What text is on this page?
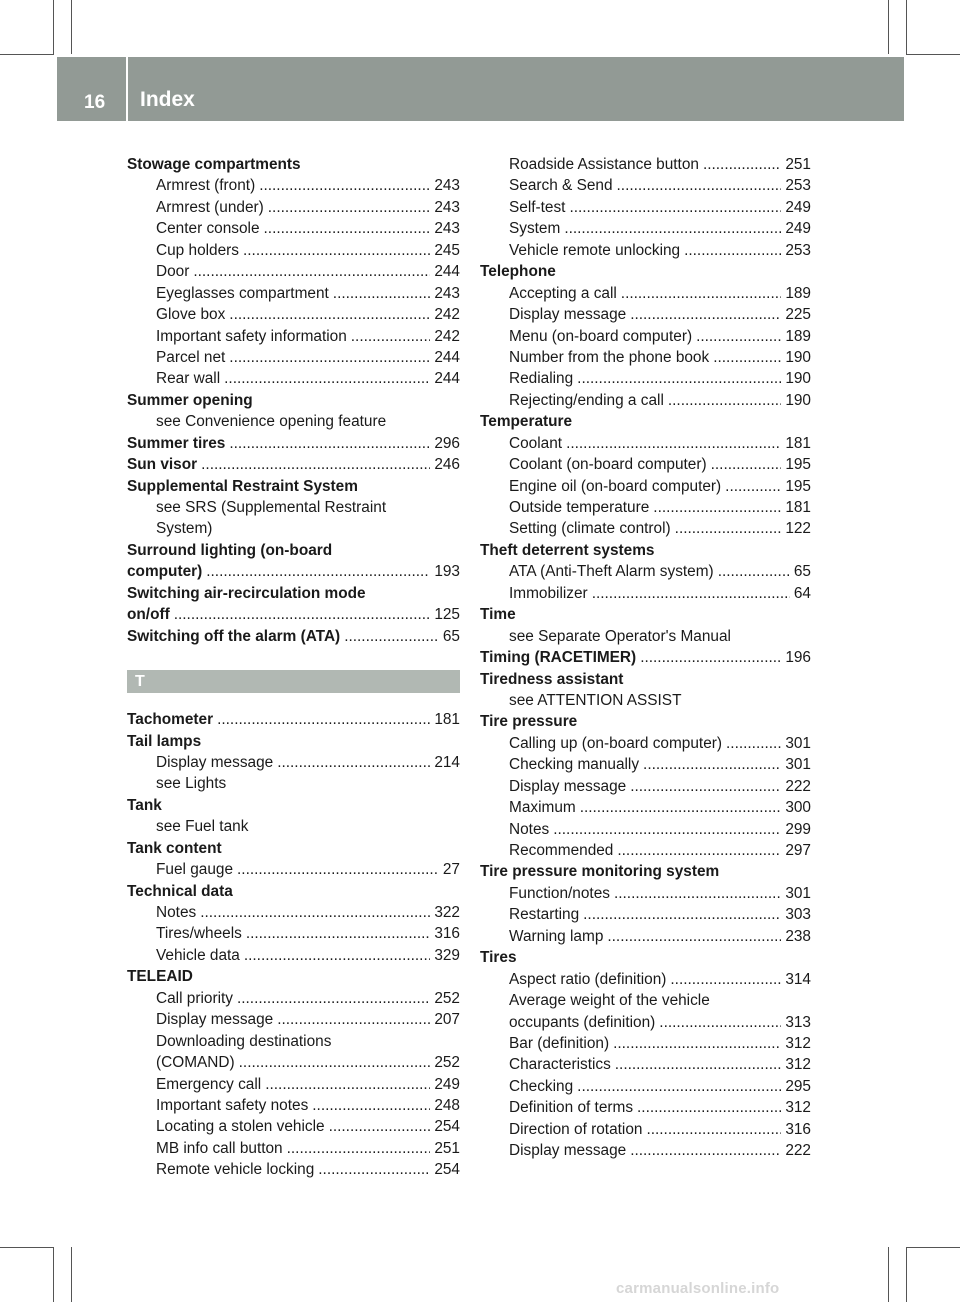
16 Index
Stowage compartments
Armrest (front) .....	243
Armrest (under) .....	243
Center console .....	243
Cup holders .....	245
Door .....	244
Eyeglasses compartment .....	243
Glove box .....	242
Important safety information .....	242
Parcel net .....	244
Rear wall .....	244
Summer opening
see Convenience opening feature
Summer tires .....	296
Sun visor .....	246
Supplemental Restraint System
see SRS (Supplemental Restraint
System)
Surround lighting (on-board
computer) .....	193
Switching air-recirculation mode
on/off .....	125
Switching off the alarm (ATA) .....	65
T
Tachometer .....	181
Tail lamps
Display message .....	214
see Lights
Tank
see Fuel tank
Tank content
Fuel gauge .....	27
Technical data
Notes .....	322
Tires/wheels .....	316
Vehicle data .....	329
TELEAID
Call priority .....	252
Display message .....	207
Downloading destinations
(COMAND) .....	252
Emergency call .....	249
Important safety notes .....	248
Locating a stolen vehicle .....	254
MB info call button .....	251
Remote vehicle locking .....	254
Roadside Assistance button .....	251
Search & Send .....	253
Self-test .....	249
System .....	249
Vehicle remote unlocking .....	253
Telephone
Accepting a call .....	189
Display message .....	225
Menu (on-board computer) .....	189
Number from the phone book .....	190
Redialing .....	190
Rejecting/ending a call .....	190
Temperature
Coolant .....	181
Coolant (on-board computer) .....	195
Engine oil (on-board computer) .....	195
Outside temperature .....	181
Setting (climate control) .....	122
Theft deterrent systems
ATA (Anti-Theft Alarm system) .....	65
Immobilizer .....	64
Time
see Separate Operator's Manual
Timing (RACETIMER) .....	196
Tiredness assistant
see ATTENTION ASSIST
Tire pressure
Calling up (on-board computer) .....	301
Checking manually .....	301
Display message .....	222
Maximum .....	300
Notes .....	299
Recommended .....	297
Tire pressure monitoring system
Function/notes .....	301
Restarting .....	303
Warning lamp .....	238
Tires
Aspect ratio (definition) .....	314
Average weight of the vehicle
occupants (definition) .....	313
Bar (definition) .....	312
Characteristics .....	312
Checking .....	295
Definition of terms .....	312
Direction of rotation .....	316
Display message .....	222
carmanualsonline.info
